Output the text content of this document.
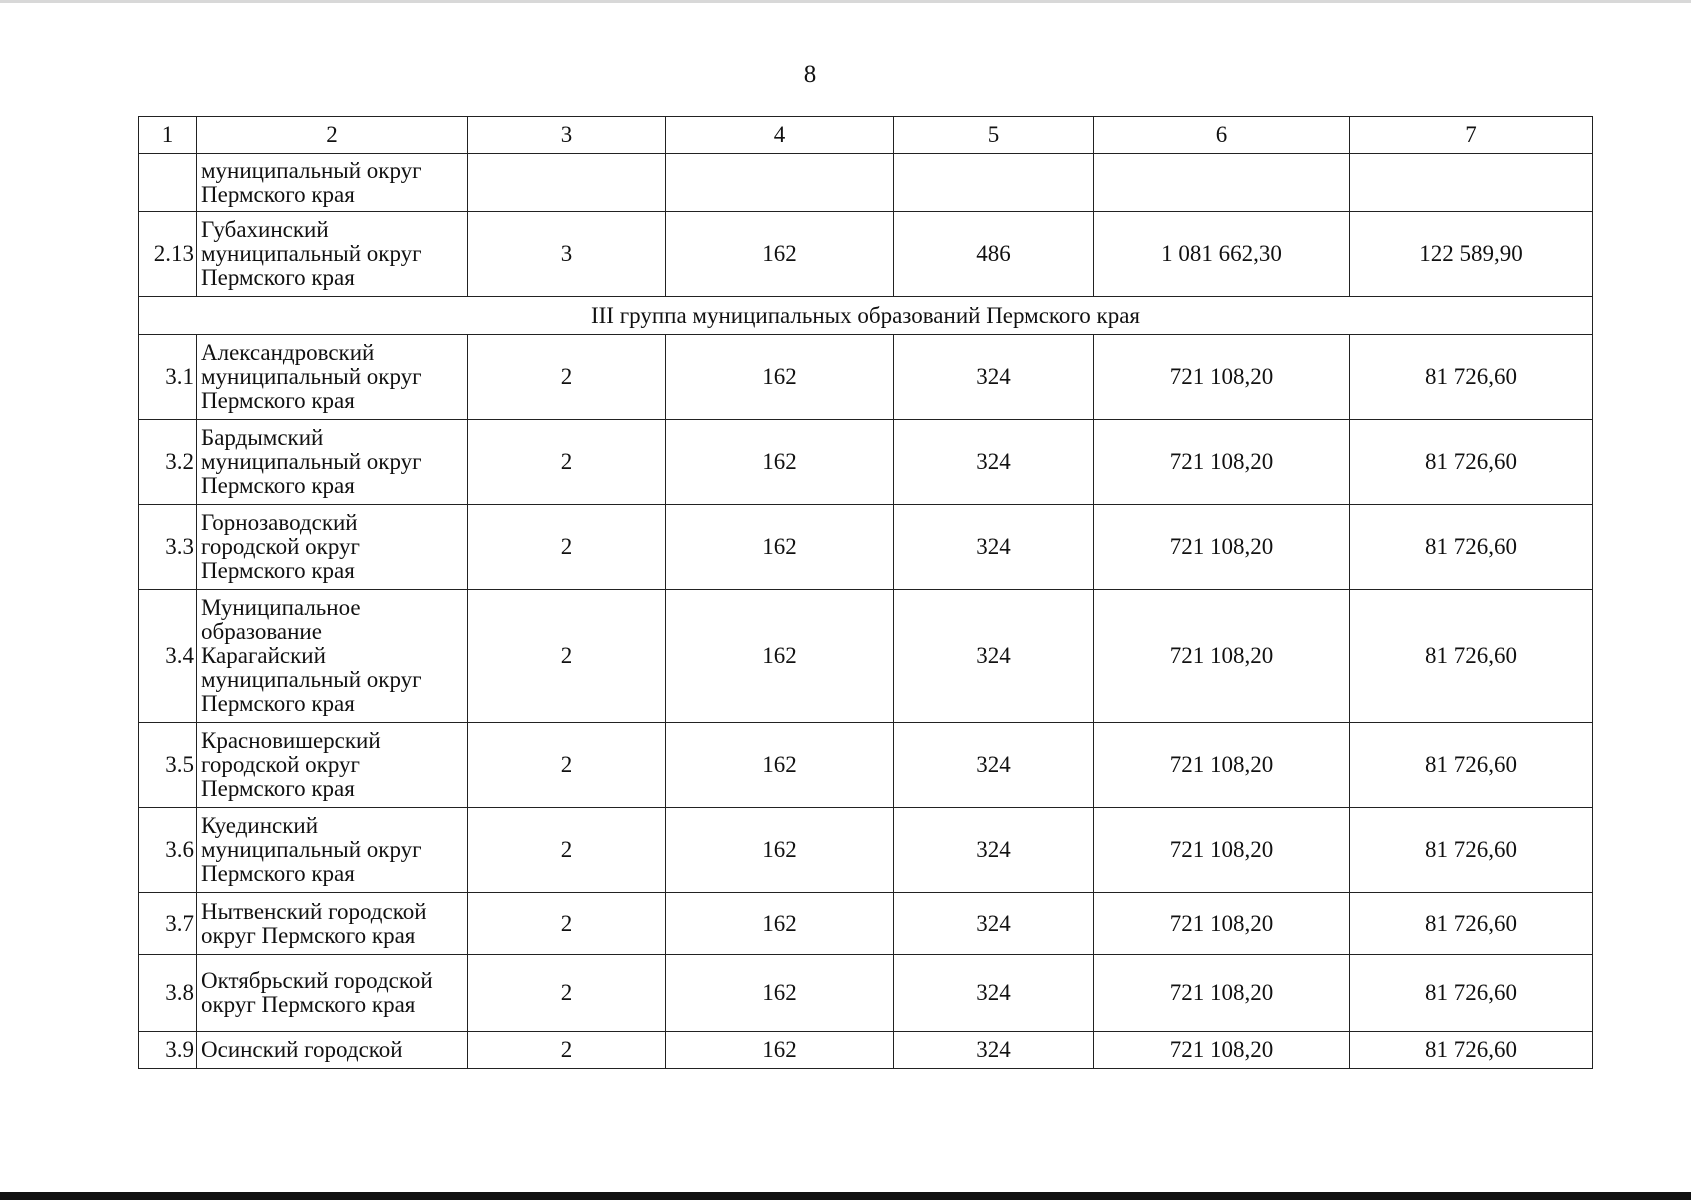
8
1	2	3	4	5	6	7
	муниципальный округ
Пермского края					
2.13	Губахинский
муниципальный округ
Пермского края	3	162	486	1 081 662,30	122 589,90
III группа муниципальных образований Пермского края						
3.1	Александровский
муниципальный округ
Пермского края	2	162	324	721 108,20	81 726,60
3.2	Бардымский
муниципальный округ
Пермского края	2	162	324	721 108,20	81 726,60
3.3	Горнозаводский
городской округ
Пермского края	2	162	324	721 108,20	81 726,60
3.4	Муниципальное
образование
Карагайский
муниципальный округ
Пермского края	2	162	324	721 108,20	81 726,60
3.5	Красновишерский
городской округ
Пермского края	2	162	324	721 108,20	81 726,60
3.6	Куединский
муниципальный округ
Пермского края	2	162	324	721 108,20	81 726,60
3.7	Нытвенский городской
округ Пермского края	2	162	324	721 108,20	81 726,60
3.8	Октябрьский городской
округ Пермского края	2	162	324	721 108,20	81 726,60
3.9	Осинский городской	2	162	324	721 108,20	81 726,60
